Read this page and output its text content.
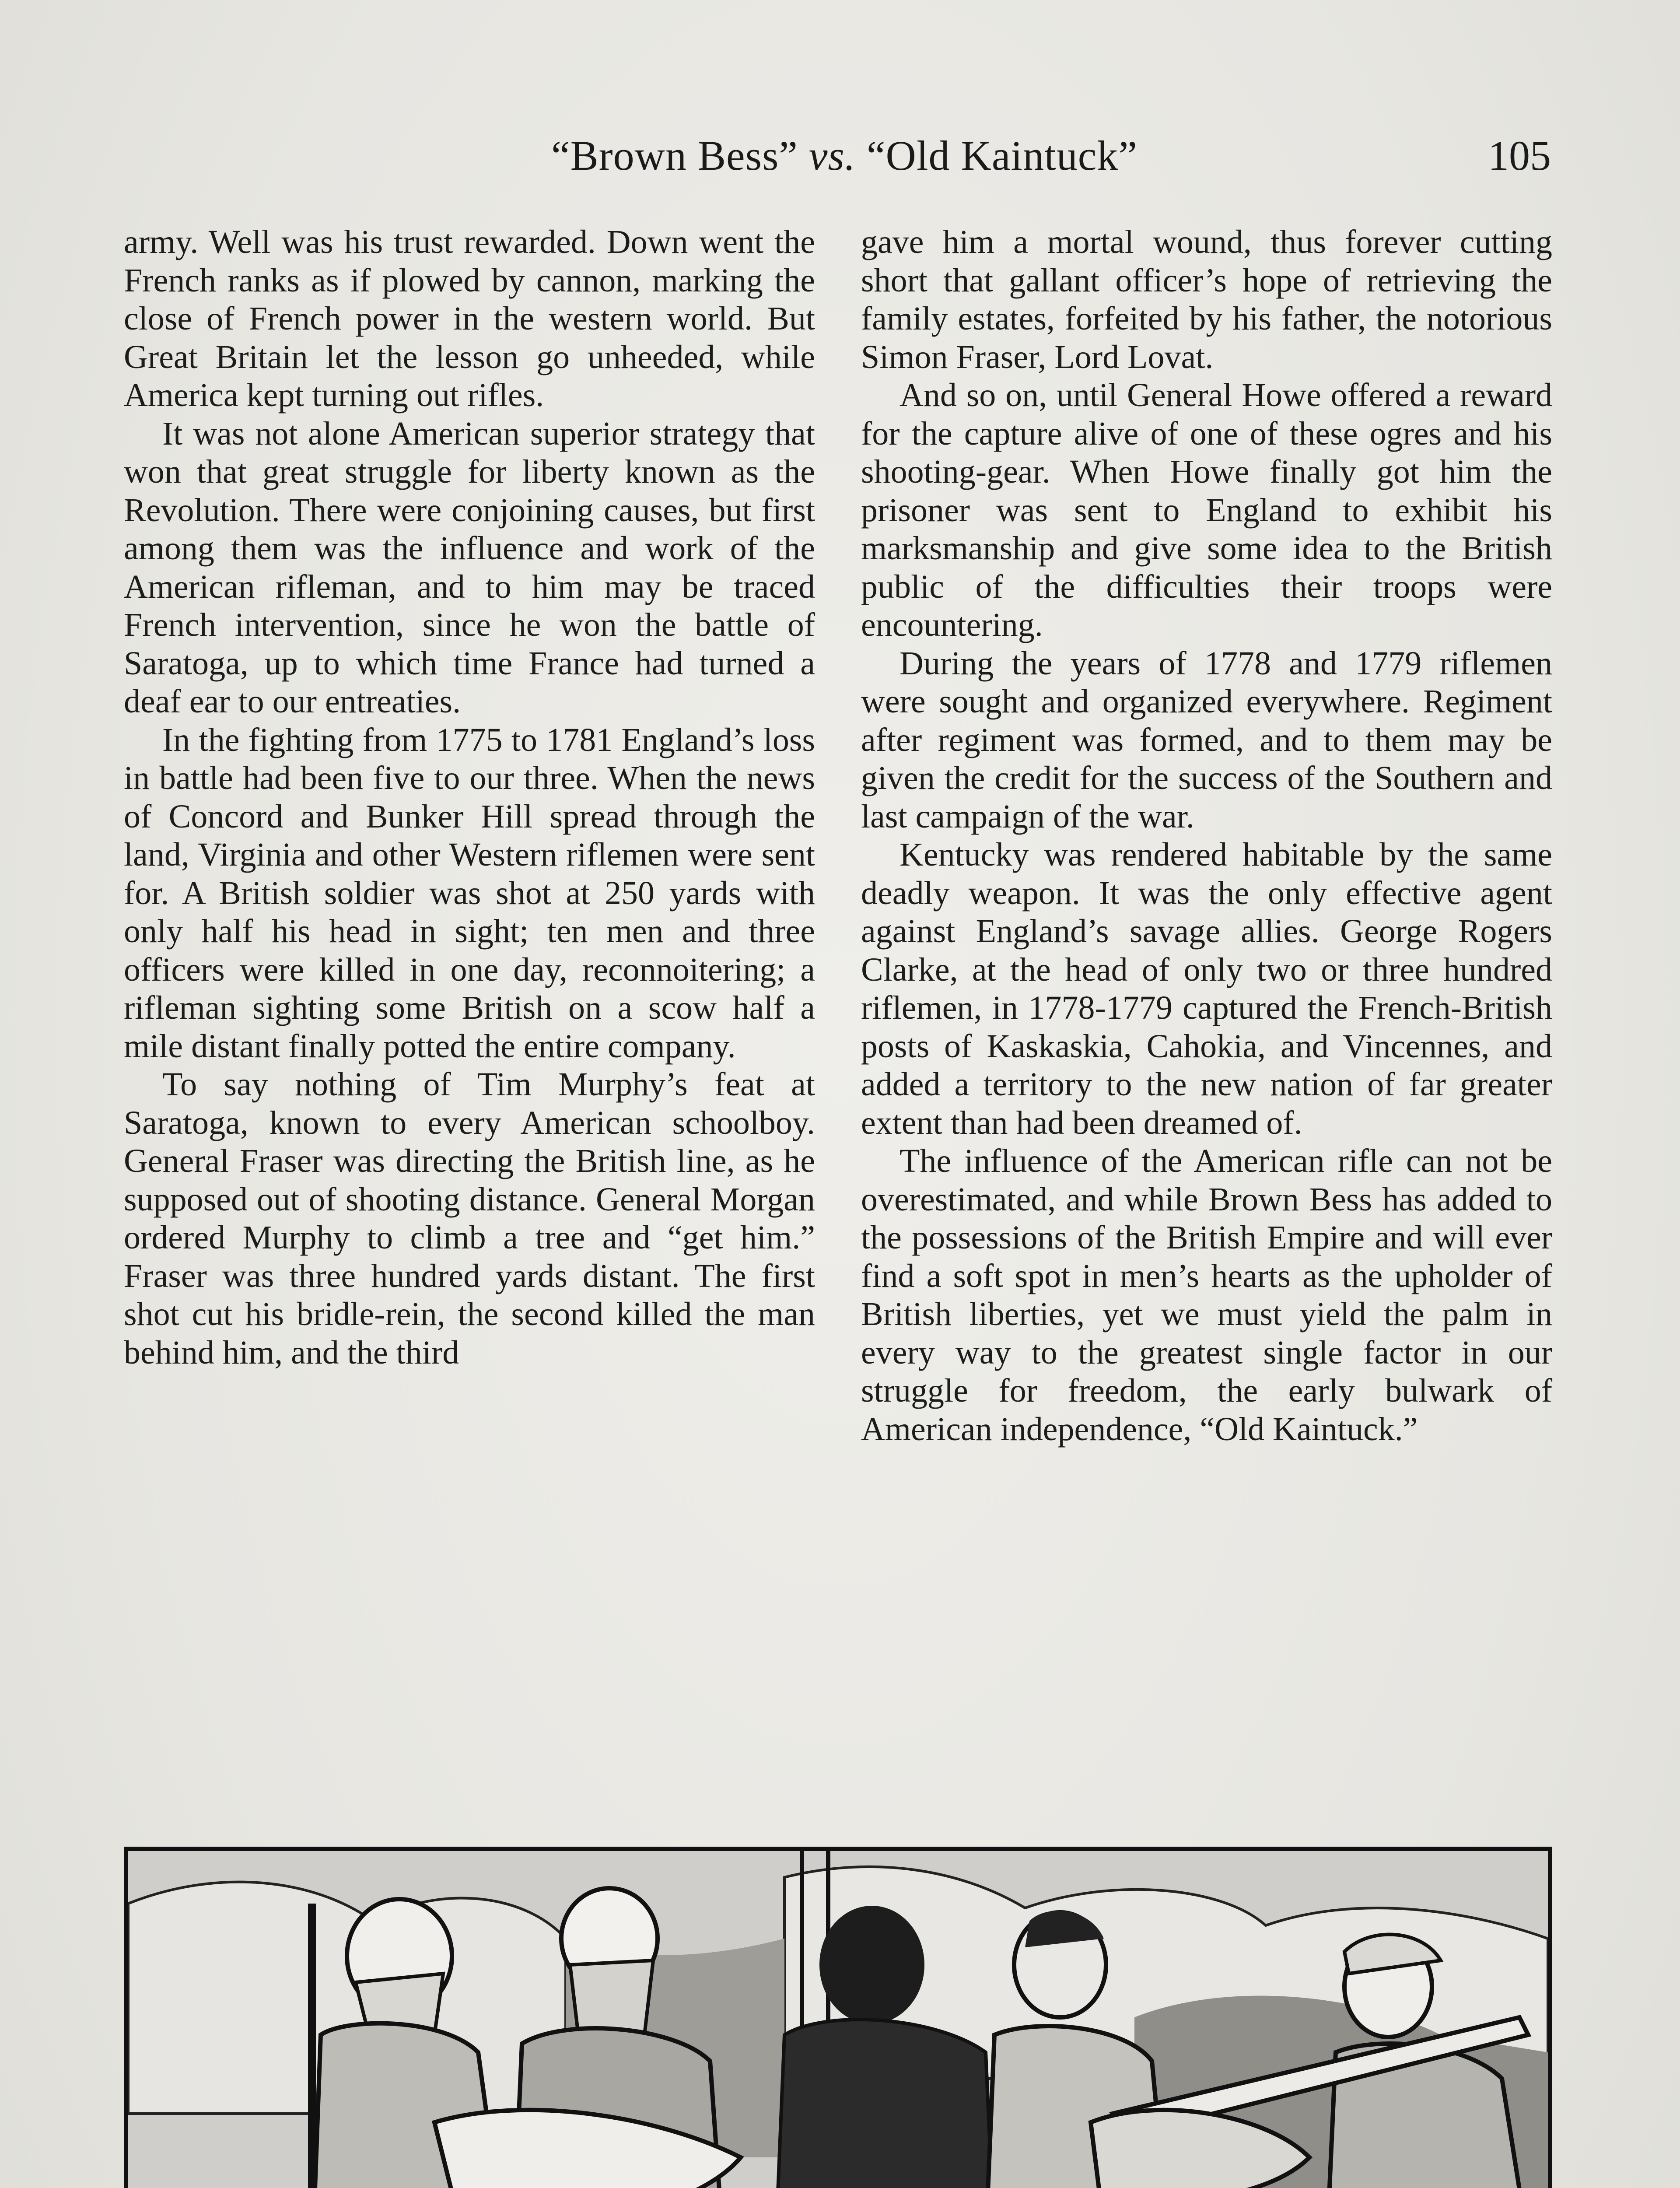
“Brown Bess” vs. “Old Kaintuck”	105

army. Well was his trust rewarded. Down went the French ranks as if plowed by cannon, marking the close of French power in the western world. But Great Britain let the lesson go unheeded, while America kept turning out rifles.

It was not alone American superior strategy that won that great struggle for liberty known as the Revolution. There were conjoining causes, but first among them was the influence and work of the American rifleman, and to him may be traced French intervention, since he won the battle of Saratoga, up to which time France had turned a deaf ear to our entreaties.

In the fighting from 1775 to 1781 England’s loss in battle had been five to our three. When the news of Concord and Bunker Hill spread through the land, Virginia and other Western riflemen were sent for. A British soldier was shot at 250 yards with only half his head in sight; ten men and three officers were killed in one day, reconnoitering; a rifleman sighting some British on a scow half a mile distant finally potted the entire company.

To say nothing of Tim Murphy’s feat at Saratoga, known to every American schoolboy. General Fraser was directing the British line, as he supposed out of shooting distance. General Morgan ordered Murphy to climb a tree and “get him.” Fraser was three hundred yards distant. The first shot cut his bridle-rein, the second killed the man behind him, and the third

gave him a mortal wound, thus forever cutting short that gallant officer’s hope of retrieving the family estates, forfeited by his father, the notorious Simon Fraser, Lord Lovat.

And so on, until General Howe offered a reward for the capture alive of one of these ogres and his shooting-gear. When Howe finally got him the prisoner was sent to England to exhibit his marksmanship and give some idea to the British public of the difficulties their troops were encountering.

During the years of 1778 and 1779 riflemen were sought and organized everywhere. Regiment after regiment was formed, and to them may be given the credit for the success of the Southern and last campaign of the war.

Kentucky was rendered habitable by the same deadly weapon. It was the only effective agent against England’s savage allies. George Rogers Clarke, at the head of only two or three hundred riflemen, in 1778-1779 captured the French-British posts of Kaskaskia, Cahokia, and Vincennes, and added a territory to the new nation of far greater extent than had been dreamed of.

The influence of the American rifle can not be overestimated, and while Brown Bess has added to the possessions of the British Empire and will ever find a soft spot in men’s hearts as the upholder of British liberties, yet we must yield the palm in every way to the greatest single factor in our struggle for freedom, the early bulwark of American independence, “Old Kaintuck.”
